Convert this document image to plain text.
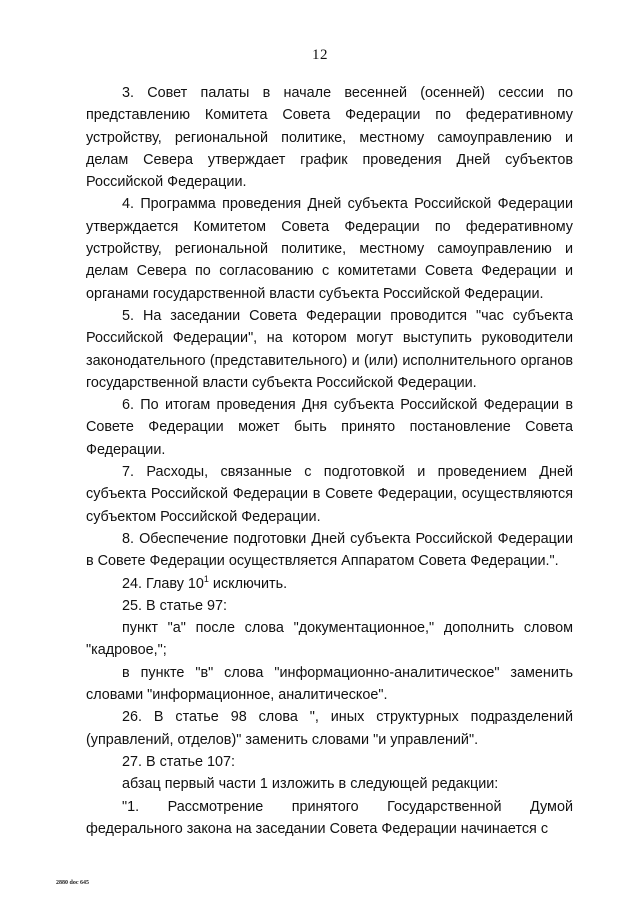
12

3. Совет палаты в начале весенней (осенней) сессии по представлению Комитета Совета Федерации по федеративному устройству, региональной политике, местному самоуправлению и делам Севера утверждает график проведения Дней субъектов Российской Федерации.

4. Программа проведения Дней субъекта Российской Федерации утверждается Комитетом Совета Федерации по федеративному устройству, региональной политике, местному самоуправлению и делам Севера по согласованию с комитетами Совета Федерации и органами государственной власти субъекта Российской Федерации.

5. На заседании Совета Федерации проводится "час субъекта Российской Федерации", на котором могут выступить руководители законодательного (представительного) и (или) исполнительного органов государственной власти субъекта Российской Федерации.

6. По итогам проведения Дня субъекта Российской Федерации в Совете Федерации может быть принято постановление Совета Федерации.

7. Расходы, связанные с подготовкой и проведением Дней субъекта Российской Федерации в Совете Федерации, осуществляются субъектом Российской Федерации.

8. Обеспечение подготовки Дней субъекта Российской Федерации в Совете Федерации осуществляется Аппаратом Совета Федерации.".

24. Главу $10^1$ исключить.

25. В статье 97:

пункт "а" после слова "документационное," дополнить словом "кадровое,";

в пункте "в" слова "информационно-аналитическое" заменить словами "информационное, аналитическое".

26. В статье 98 слова ", иных структурных подразделений (управлений, отделов)" заменить словами "и управлений".

27. В статье 107:

абзац первый части 1 изложить в следующей редакции:

"1. Рассмотрение принятого Государственной Думой федерального закона на заседании Совета Федерации начинается с

2880 doc 645
